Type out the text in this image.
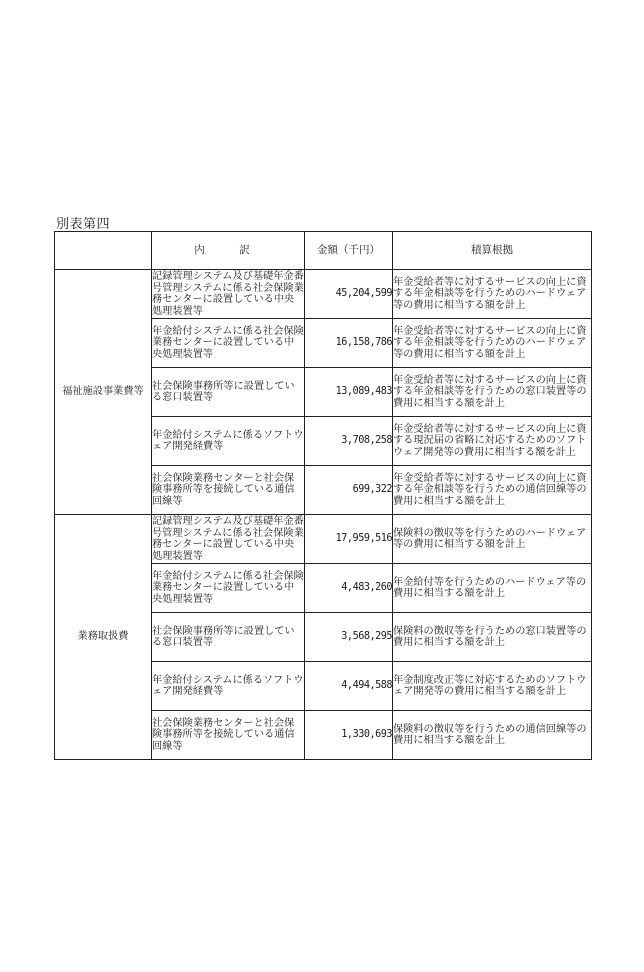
別表第四
	内　訳	金額（千円）	積算根拠
福祉施設事業費等	記録管理システム及び基礎年金番号管理システムに係る社会保険業務センターに設置している中央処理装置等	45,204,599	年金受給者等に対するサービスの向上に資する年金相談等を行うためのハードウェア等の費用に相当する額を計上
	年金給付システムに係る社会保険業務センターに設置している中央処理装置等	16,158,786	年金受給者等に対するサービスの向上に資する年金相談等を行うためのハードウェア等の費用に相当する額を計上
	社会保険事務所等に設置している窓口装置等	13,089,483	年金受給者等に対するサービスの向上に資する年金相談等を行うための窓口装置等の費用に相当する額を計上
	年金給付システムに係るソフトウェア開発経費等	3,708,258	年金受給者等に対するサービスの向上に資する現況届の省略に対応するためのソフトウェア開発等の費用に相当する額を計上
	社会保険業務センターと社会保険事務所等を接続している通信回線等	699,322	年金受給者等に対するサービスの向上に資する年金相談等を行うための通信回線等の費用に相当する額を計上
業務取扱費	記録管理システム及び基礎年金番号管理システムに係る社会保険業務センターに設置している中央処理装置等	17,959,516	保険料の徴収等を行うためのハードウェア等の費用に相当する額を計上
	年金給付システムに係る社会保険業務センターに設置している中央処理装置等	4,483,260	年金給付等を行うためのハードウェア等の費用に相当する額を計上
	社会保険事務所等に設置している窓口装置等	3,568,295	保険料の徴収等を行うための窓口装置等の費用に相当する額を計上
	年金給付システムに係るソフトウェア開発経費等	4,494,588	年金制度改正等に対応するためのソフトウェア開発等の費用に相当する額を計上
	社会保険業務センターと社会保険事務所等を接続している通信回線等	1,330,693	保険料の徴収等を行うための通信回線等の費用に相当する額を計上
